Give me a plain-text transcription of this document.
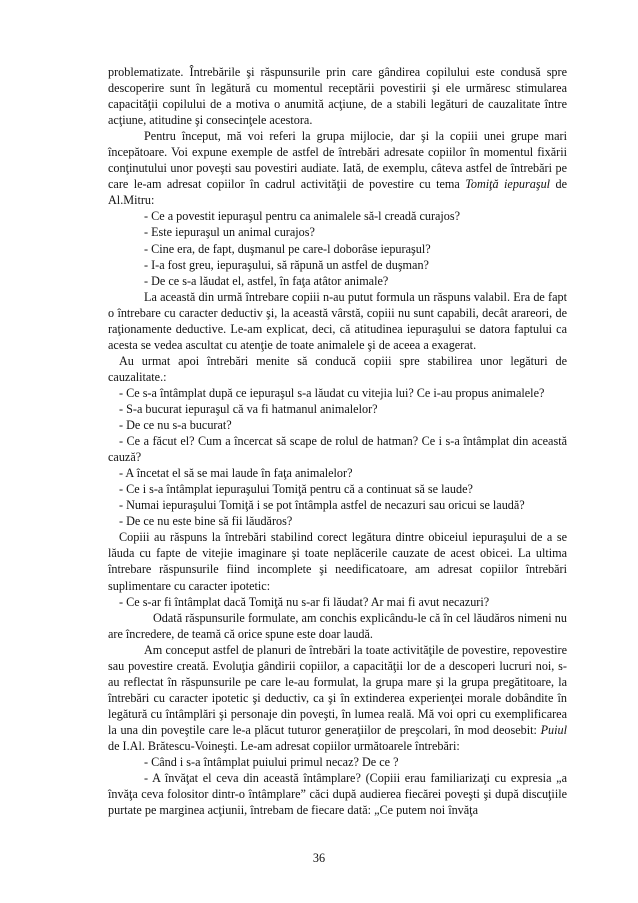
problematizate. Întrebările şi răspunsurile prin care gândirea copilului este condusă spre descoperire sunt în legătură cu momentul receptării povestirii şi ele urmăresc stimularea capacităţii copilului de a motiva o anumită acţiune, de a stabili legături de cauzalitate între acţiune, atitudine şi consecinţele acestora.

Pentru început, mă voi referi la grupa mijlocie, dar şi la copiii unei grupe mari începătoare. Voi expune exemple de astfel de întrebări adresate copiilor în momentul fixării conţinutului unor poveşti sau povestiri audiate. Iată, de exemplu, câteva astfel de întrebări pe care le-am adresat copiilor în cadrul activităţii de povestire cu tema Tomiţă iepuraşul de Al.Mitru:

- Ce a povestit iepuraşul pentru ca animalele să-l creadă curajos?

- Este iepuraşul un animal curajos?

- Cine era, de fapt, duşmanul pe care-l doborâse iepuraşul?

- I-a fost greu, iepuraşului, să răpună un astfel de duşman?

- De ce s-a lăudat el, astfel, în faţa atâtor animale?

La această din urmă întrebare copiii n-au putut formula un răspuns valabil. Era de fapt o întrebare cu caracter deductiv şi, la această vârstă, copiii nu sunt capabili, decât arareori, de raţionamente deductive. Le-am explicat, deci, că atitudinea iepuraşului se datora faptului ca acesta se vedea ascultat cu atenţie de toate animalele şi de aceea a exagerat.

Au urmat apoi întrebări menite să conducă copiii spre stabilirea unor legături de cauzalitate.:

- Ce s-a întâmplat după ce iepuraşul s-a lăudat cu vitejia lui? Ce i-au propus animalele?

- S-a bucurat iepuraşul că va fi hatmanul animalelor?

- De ce nu s-a bucurat?

- Ce a făcut el? Cum a încercat să scape de rolul de hatman? Ce i s-a întâmplat din această cauză?

- A încetat el să se mai laude în faţa animalelor?

- Ce i s-a întâmplat iepuraşului Tomiţă pentru că a continuat să se laude?

- Numai iepuraşului Tomiţă i se pot întâmpla astfel de necazuri sau oricui se laudă?

- De ce nu este bine să fii lăudăros?

Copiii au răspuns la întrebări stabilind corect legătura dintre obiceiul iepuraşului de a se lăuda cu fapte de vitejie imaginare şi toate neplăcerile cauzate de acest obicei. La ultima întrebare răspunsurile fiind incomplete şi needificatoare, am adresat copiilor întrebări suplimentare cu caracter ipotetic:

- Ce s-ar fi întâmplat dacă Tomiţă nu s-ar fi lăudat? Ar mai fi avut necazuri?

Odată răspunsurile formulate, am conchis explicându-le că în cel lăudăros nimeni nu are încredere, de teamă că orice spune este doar laudă.

Am conceput astfel de planuri de întrebări la toate activităţile de povestire, repovestire sau povestire creată. Evoluţia gândirii copiilor, a capacităţii lor de a descoperi lucruri noi, s-au reflectat în răspunsurile pe care le-au formulat, la grupa mare şi la grupa pregătitoare, la întrebări cu caracter ipotetic şi deductiv, ca şi în extinderea experienţei morale dobândite în legătură cu întâmplări şi personaje din poveşti, în lumea reală. Mă voi opri cu exemplificarea la una din poveştile care le-a plăcut tuturor generaţiilor de preşcolari, în mod deosebit: Puiul de I.Al. Brătescu-Voineşti. Le-am adresat copiilor următoarele întrebări:

- Când i s-a întâmplat puiului primul necaz? De ce ?

- A învăţat el ceva din această întâmplare? (Copiii erau familiarizaţi cu expresia „a învăţa ceva folositor dintr-o întâmplare” căci după audierea fiecărei poveşti şi după discuţiile purtate pe marginea acţiunii, întrebam de fiecare dată: „Ce putem noi învăţa

36
